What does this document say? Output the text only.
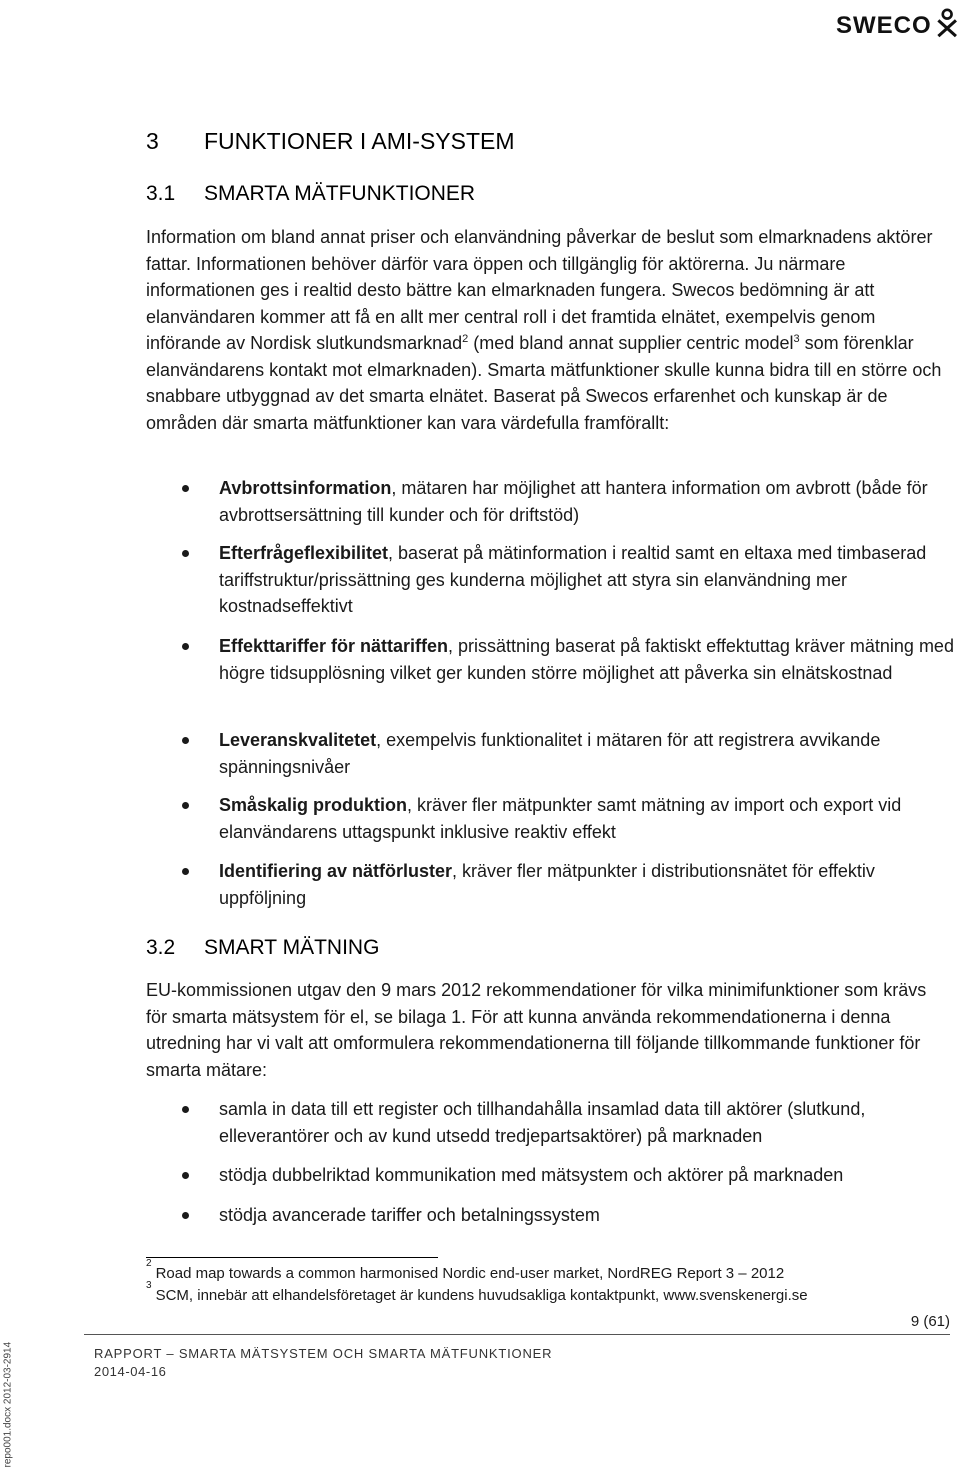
SWECO
3 FUNKTIONER I AMI-SYSTEM
3.1 SMARTA MÄTFUNKTIONER

Information om bland annat priser och elanvändning påverkar de beslut som elmarknadens aktörer fattar. Informationen behöver därför vara öppen och tillgänglig för aktörerna. Ju närmare informationen ges i realtid desto bättre kan elmarknaden fungera. Swecos bedömning är att elanvändaren kommer att få en allt mer central roll i det framtida elnätet, exempelvis genom införande av Nordisk slutkundsmarknad$^2$ (med bland annat supplier centric model$^3$ som förenklar elanvändarens kontakt mot elmarknaden). Smarta mätfunktioner skulle kunna bidra till en större och snabbare utbyggnad av det smarta elnätet. Baserat på Swecos erfarenhet och kunskap är de områden där smarta mätfunktioner kan vara värdefulla framförallt:

Avbrottsinformation, mätaren har möjlighet att hantera information om avbrott (både för avbrottsersättning till kunder och för driftstöd)
Efterfrågeflexibilitet, baserat på mätinformation i realtid samt en eltaxa med timbaserad tariffstruktur/prissättning ges kunderna möjlighet att styra sin elanvändning mer kostnadseffektivt
Effekttariffer för nättariffen, prissättning baserat på faktiskt effektuttag kräver mätning med högre tidsupplösning vilket ger kunden större möjlighet att påverka sin elnätskostnad
Leveranskvalitetet, exempelvis funktionalitet i mätaren för att registrera avvikande spänningsnivåer
Småskalig produktion, kräver fler mätpunkter samt mätning av import och export vid elanvändarens uttagspunkt inklusive reaktiv effekt
Identifiering av nätförluster, kräver fler mätpunkter i distributionsnätet för effektiv uppföljning
3.2 SMART MÄTNING

EU-kommissionen utgav den 9 mars 2012 rekommendationer för vilka minimifunktioner som krävs för smarta mätsystem för el, se bilaga 1. För att kunna använda rekommendationerna i denna utredning har vi valt att omformulera rekommendationerna till följande tillkommande funktioner för smarta mätare:

samla in data till ett register och tillhandahålla insamlad data till aktörer (slutkund, elleverantörer och av kund utsedd tredjepartsaktörer) på marknaden
stödja dubbelriktad kommunikation med mätsystem och aktörer på marknaden
stödja avancerade tariffer och betalningssystem
$^2$Road map towards a common harmonised Nordic end-user market, NordREG Report 3 – 2012
$^3$SCM, innebär att elhandelsföretaget är kundens huvudsakliga kontaktpunkt, www.svenskenergi.se
9 (61)
RAPPORT – SMARTA MÄTSYSTEM OCH SMARTA MÄTFUNKTIONER
2014-04-16
repo001.docx 2012-03-2914
